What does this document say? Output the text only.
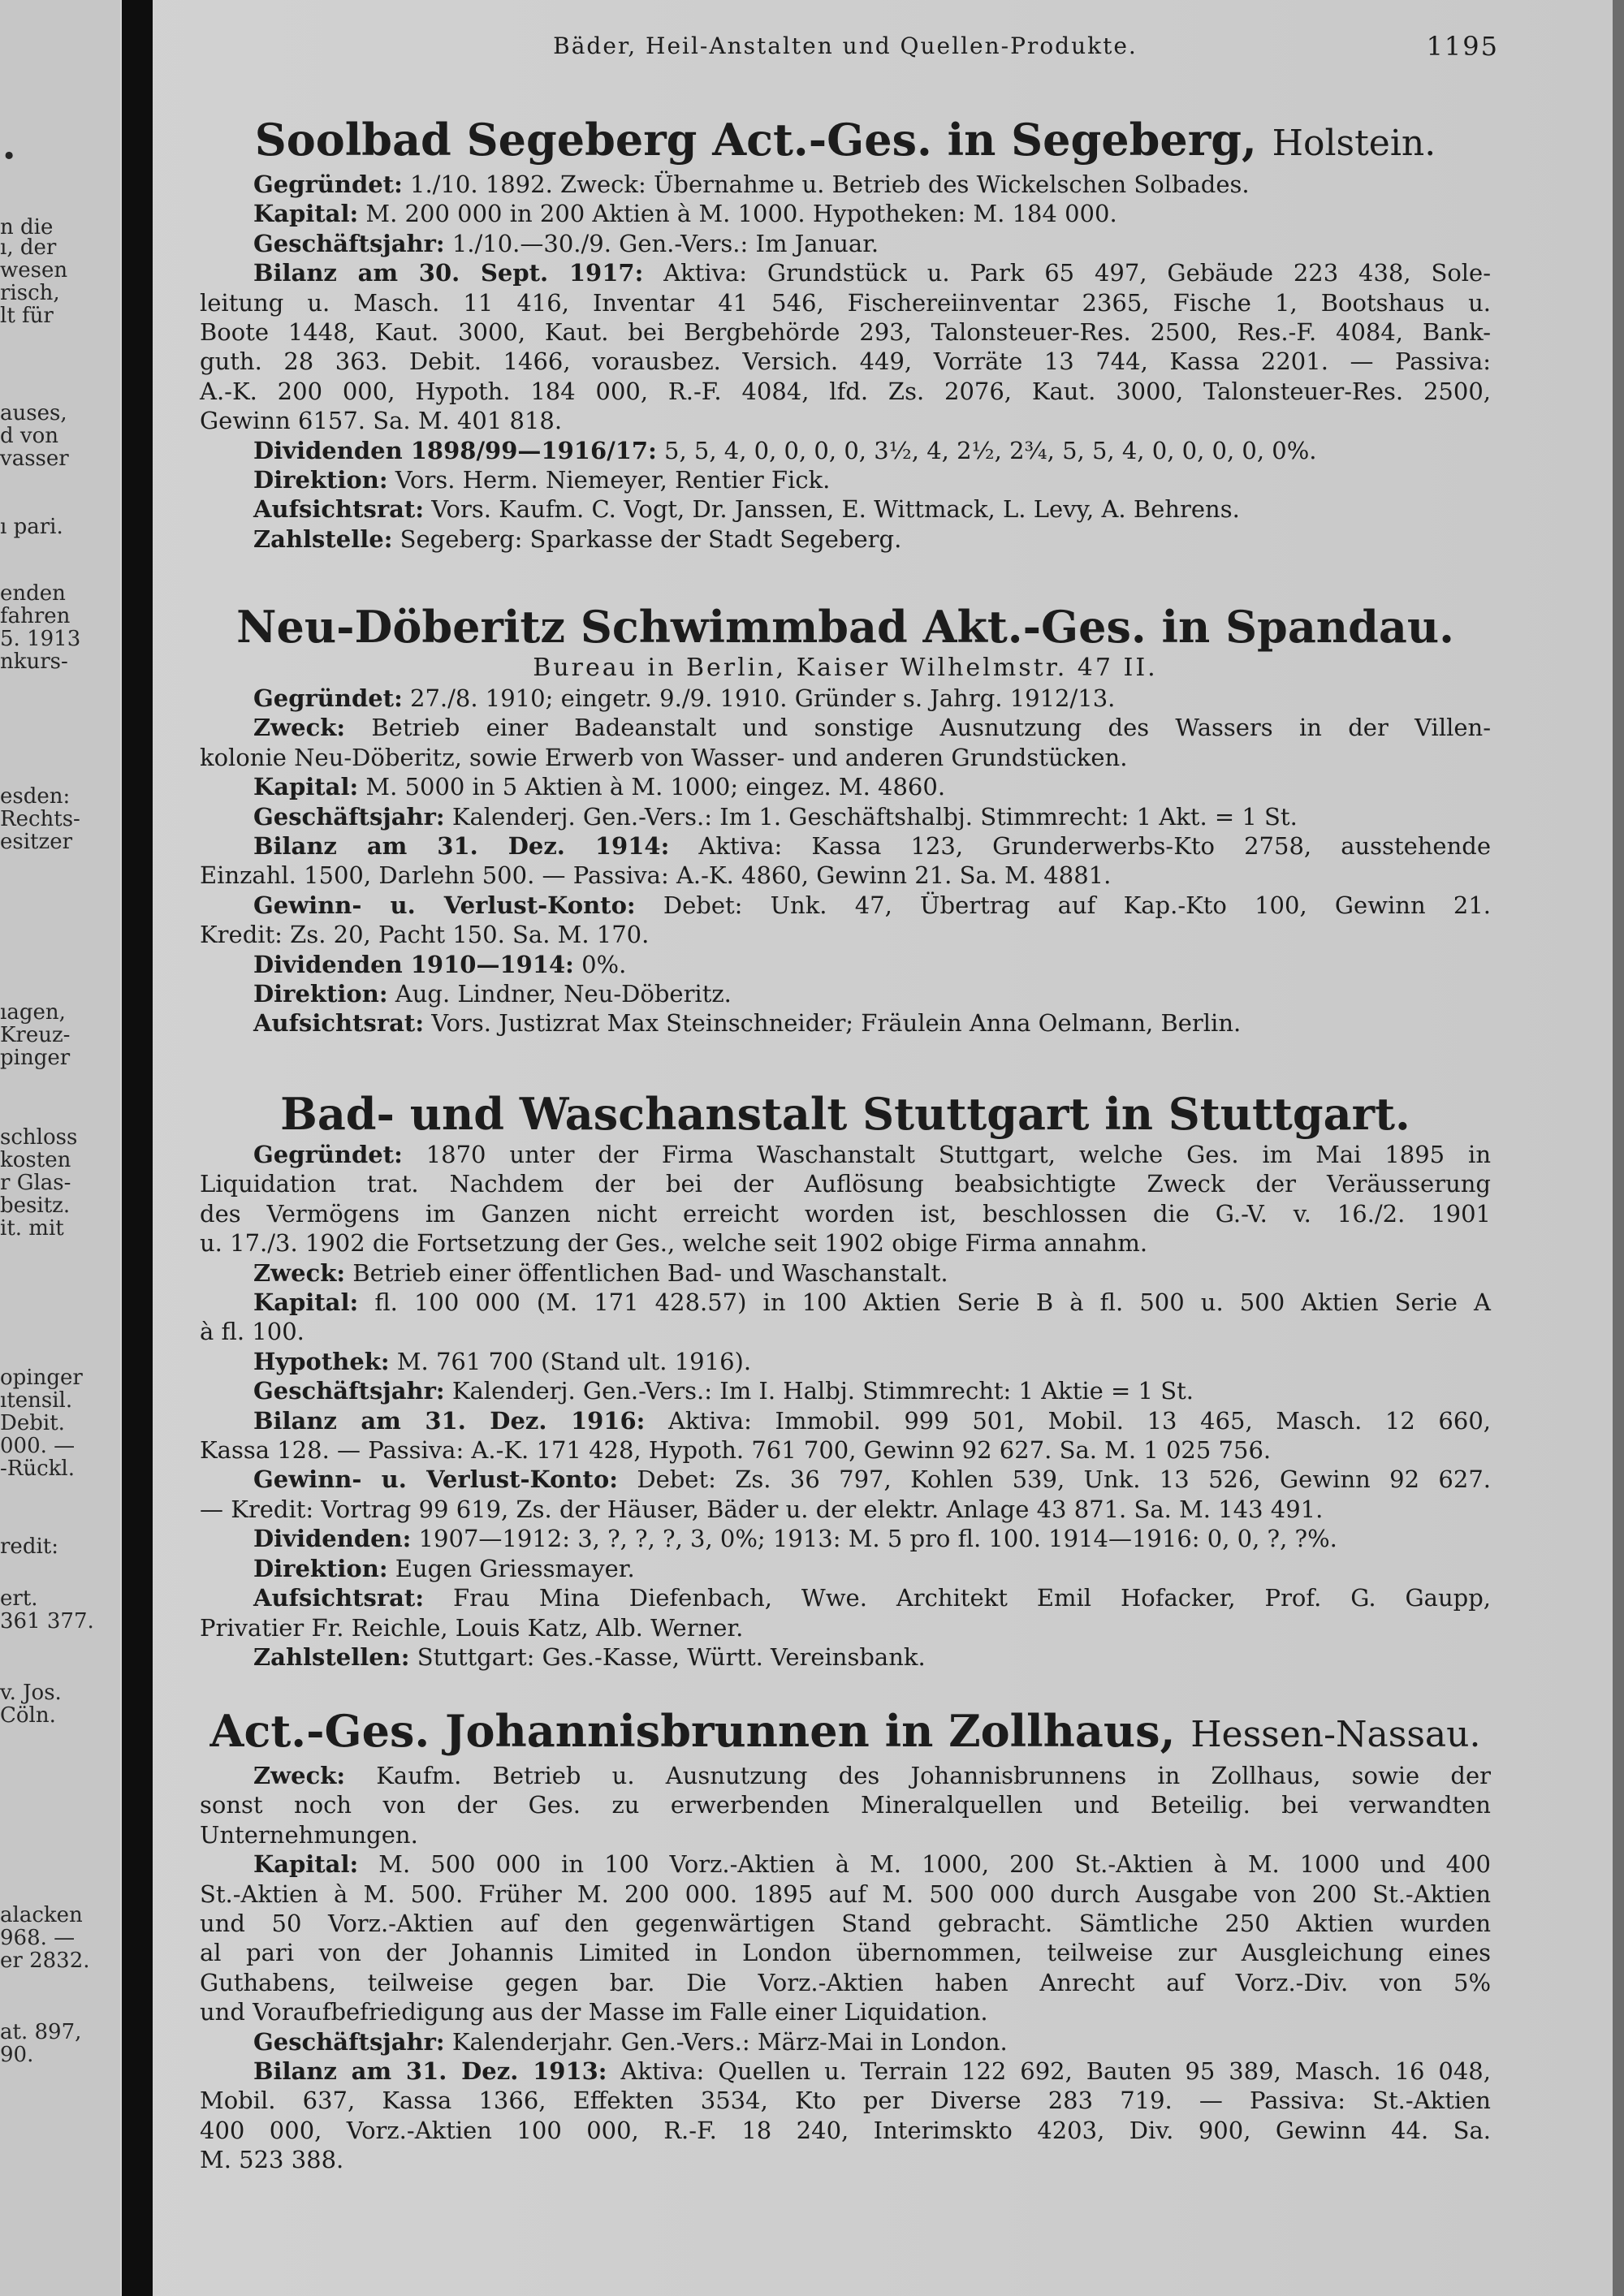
.
n die
ı, der
wesen
risch,
lt für
auses,
d von
vasser
ı pari.
enden
fahren
5. 1913
nkurs-
esden:
Rechts-
esitzer
ıagen,
Kreuz-
pinger
schloss
kosten
r Glas-
besitz.
it. mit
opinger
ıtensil.
Debit.
000. —
-Rückl.
redit:
ert.
361 377.
v. Jos.
Cöln.
alacken
968. —
er 2832.
at. 897,
90.
Bäder, Heil-Anstalten und Quellen-Produkte.	1195
Soolbad Segeberg Act.-Ges. in Segeberg, Holstein.
Gegründet: 1./10. 1892. Zweck: Übernahme u. Betrieb des Wickelschen Solbades.
Kapital: M. 200 000 in 200 Aktien à M. 1000. Hypotheken: M. 184 000.
Geschäftsjahr: 1./10.—30./9. Gen.-Vers.: Im Januar.
Bilanz am 30. Sept. 1917: Aktiva: Grundstück u. Park 65 497, Gebäude 223 438, Sole-
leitung u. Masch. 11 416, Inventar 41 546, Fischereiinventar 2365, Fische 1, Bootshaus u.
Boote 1448, Kaut. 3000, Kaut. bei Bergbehörde 293, Talonsteuer-Res. 2500, Res.-F. 4084, Bank-
guth. 28 363. Debit. 1466, vorausbez. Versich. 449, Vorräte 13 744, Kassa 2201. — Passiva:
A.-K. 200 000, Hypoth. 184 000, R.-F. 4084, lfd. Zs. 2076, Kaut. 3000, Talonsteuer-Res. 2500,
Gewinn 6157. Sa. M. 401 818.
Dividenden 1898/99—1916/17: 5, 5, 4, 0, 0, 0, 0, 3½, 4, 2½, 2¾, 5, 5, 4, 0, 0, 0, 0, 0%.
Direktion: Vors. Herm. Niemeyer, Rentier Fick.
Aufsichtsrat: Vors. Kaufm. C. Vogt, Dr. Janssen, E. Wittmack, L. Levy, A. Behrens.
Zahlstelle: Segeberg: Sparkasse der Stadt Segeberg.
Neu-Döberitz Schwimmbad Akt.-Ges. in Spandau.
Bureau in Berlin, Kaiser Wilhelmstr. 47 II.
Gegründet: 27./8. 1910; eingetr. 9./9. 1910. Gründer s. Jahrg. 1912/13.
Zweck: Betrieb einer Badeanstalt und sonstige Ausnutzung des Wassers in der Villen-
kolonie Neu-Döberitz, sowie Erwerb von Wasser- und anderen Grundstücken.
Kapital: M. 5000 in 5 Aktien à M. 1000; eingez. M. 4860.
Geschäftsjahr: Kalenderj. Gen.-Vers.: Im 1. Geschäftshalbj. Stimmrecht: 1 Akt. = 1 St.
Bilanz am 31. Dez. 1914: Aktiva: Kassa 123, Grunderwerbs-Kto 2758, ausstehende
Einzahl. 1500, Darlehn 500. — Passiva: A.-K. 4860, Gewinn 21. Sa. M. 4881.
Gewinn- u. Verlust-Konto: Debet: Unk. 47, Übertrag auf Kap.-Kto 100, Gewinn 21.
Kredit: Zs. 20, Pacht 150. Sa. M. 170.
Dividenden 1910—1914: 0%.
Direktion: Aug. Lindner, Neu-Döberitz.
Aufsichtsrat: Vors. Justizrat Max Steinschneider; Fräulein Anna Oelmann, Berlin.
Bad- und Waschanstalt Stuttgart in Stuttgart.
Gegründet: 1870 unter der Firma Waschanstalt Stuttgart, welche Ges. im Mai 1895 in
Liquidation trat. Nachdem der bei der Auflösung beabsichtigte Zweck der Veräusserung
des Vermögens im Ganzen nicht erreicht worden ist, beschlossen die G.-V. v. 16./2. 1901
u. 17./3. 1902 die Fortsetzung der Ges., welche seit 1902 obige Firma annahm.
Zweck: Betrieb einer öffentlichen Bad- und Waschanstalt.
Kapital: fl. 100 000 (M. 171 428.57) in 100 Aktien Serie B à fl. 500 u. 500 Aktien Serie A
à fl. 100.
Hypothek: M. 761 700 (Stand ult. 1916).
Geschäftsjahr: Kalenderj. Gen.-Vers.: Im I. Halbj. Stimmrecht: 1 Aktie = 1 St.
Bilanz am 31. Dez. 1916: Aktiva: Immobil. 999 501, Mobil. 13 465, Masch. 12 660,
Kassa 128. — Passiva: A.-K. 171 428, Hypoth. 761 700, Gewinn 92 627. Sa. M. 1 025 756.
Gewinn- u. Verlust-Konto: Debet: Zs. 36 797, Kohlen 539, Unk. 13 526, Gewinn 92 627.
— Kredit: Vortrag 99 619, Zs. der Häuser, Bäder u. der elektr. Anlage 43 871. Sa. M. 143 491.
Dividenden: 1907—1912: 3, ?, ?, ?, 3, 0%; 1913: M. 5 pro fl. 100. 1914—1916: 0, 0, ?, ?%.
Direktion: Eugen Griessmayer.
Aufsichtsrat: Frau Mina Diefenbach, Wwe. Architekt Emil Hofacker, Prof. G. Gaupp,
Privatier Fr. Reichle, Louis Katz, Alb. Werner.
Zahlstellen: Stuttgart: Ges.-Kasse, Württ. Vereinsbank.
Act.-Ges. Johannisbrunnen in Zollhaus, Hessen-Nassau.
Zweck: Kaufm. Betrieb u. Ausnutzung des Johannisbrunnens in Zollhaus, sowie der
sonst noch von der Ges. zu erwerbenden Mineralquellen und Beteilig. bei verwandten
Unternehmungen.
Kapital: M. 500 000 in 100 Vorz.-Aktien à M. 1000, 200 St.-Aktien à M. 1000 und 400
St.-Aktien à M. 500. Früher M. 200 000. 1895 auf M. 500 000 durch Ausgabe von 200 St.-Aktien
und 50 Vorz.-Aktien auf den gegenwärtigen Stand gebracht. Sämtliche 250 Aktien wurden
al pari von der Johannis Limited in London übernommen, teilweise zur Ausgleichung eines
Guthabens, teilweise gegen bar. Die Vorz.-Aktien haben Anrecht auf Vorz.-Div. von 5%
und Voraufbefriedigung aus der Masse im Falle einer Liquidation.
Geschäftsjahr: Kalenderjahr. Gen.-Vers.: März-Mai in London.
Bilanz am 31. Dez. 1913: Aktiva: Quellen u. Terrain 122 692, Bauten 95 389, Masch. 16 048,
Mobil. 637, Kassa 1366, Effekten 3534, Kto per Diverse 283 719. — Passiva: St.-Aktien
400 000, Vorz.-Aktien 100 000, R.-F. 18 240, Interimskto 4203, Div. 900, Gewinn 44. Sa.
M. 523 388.
